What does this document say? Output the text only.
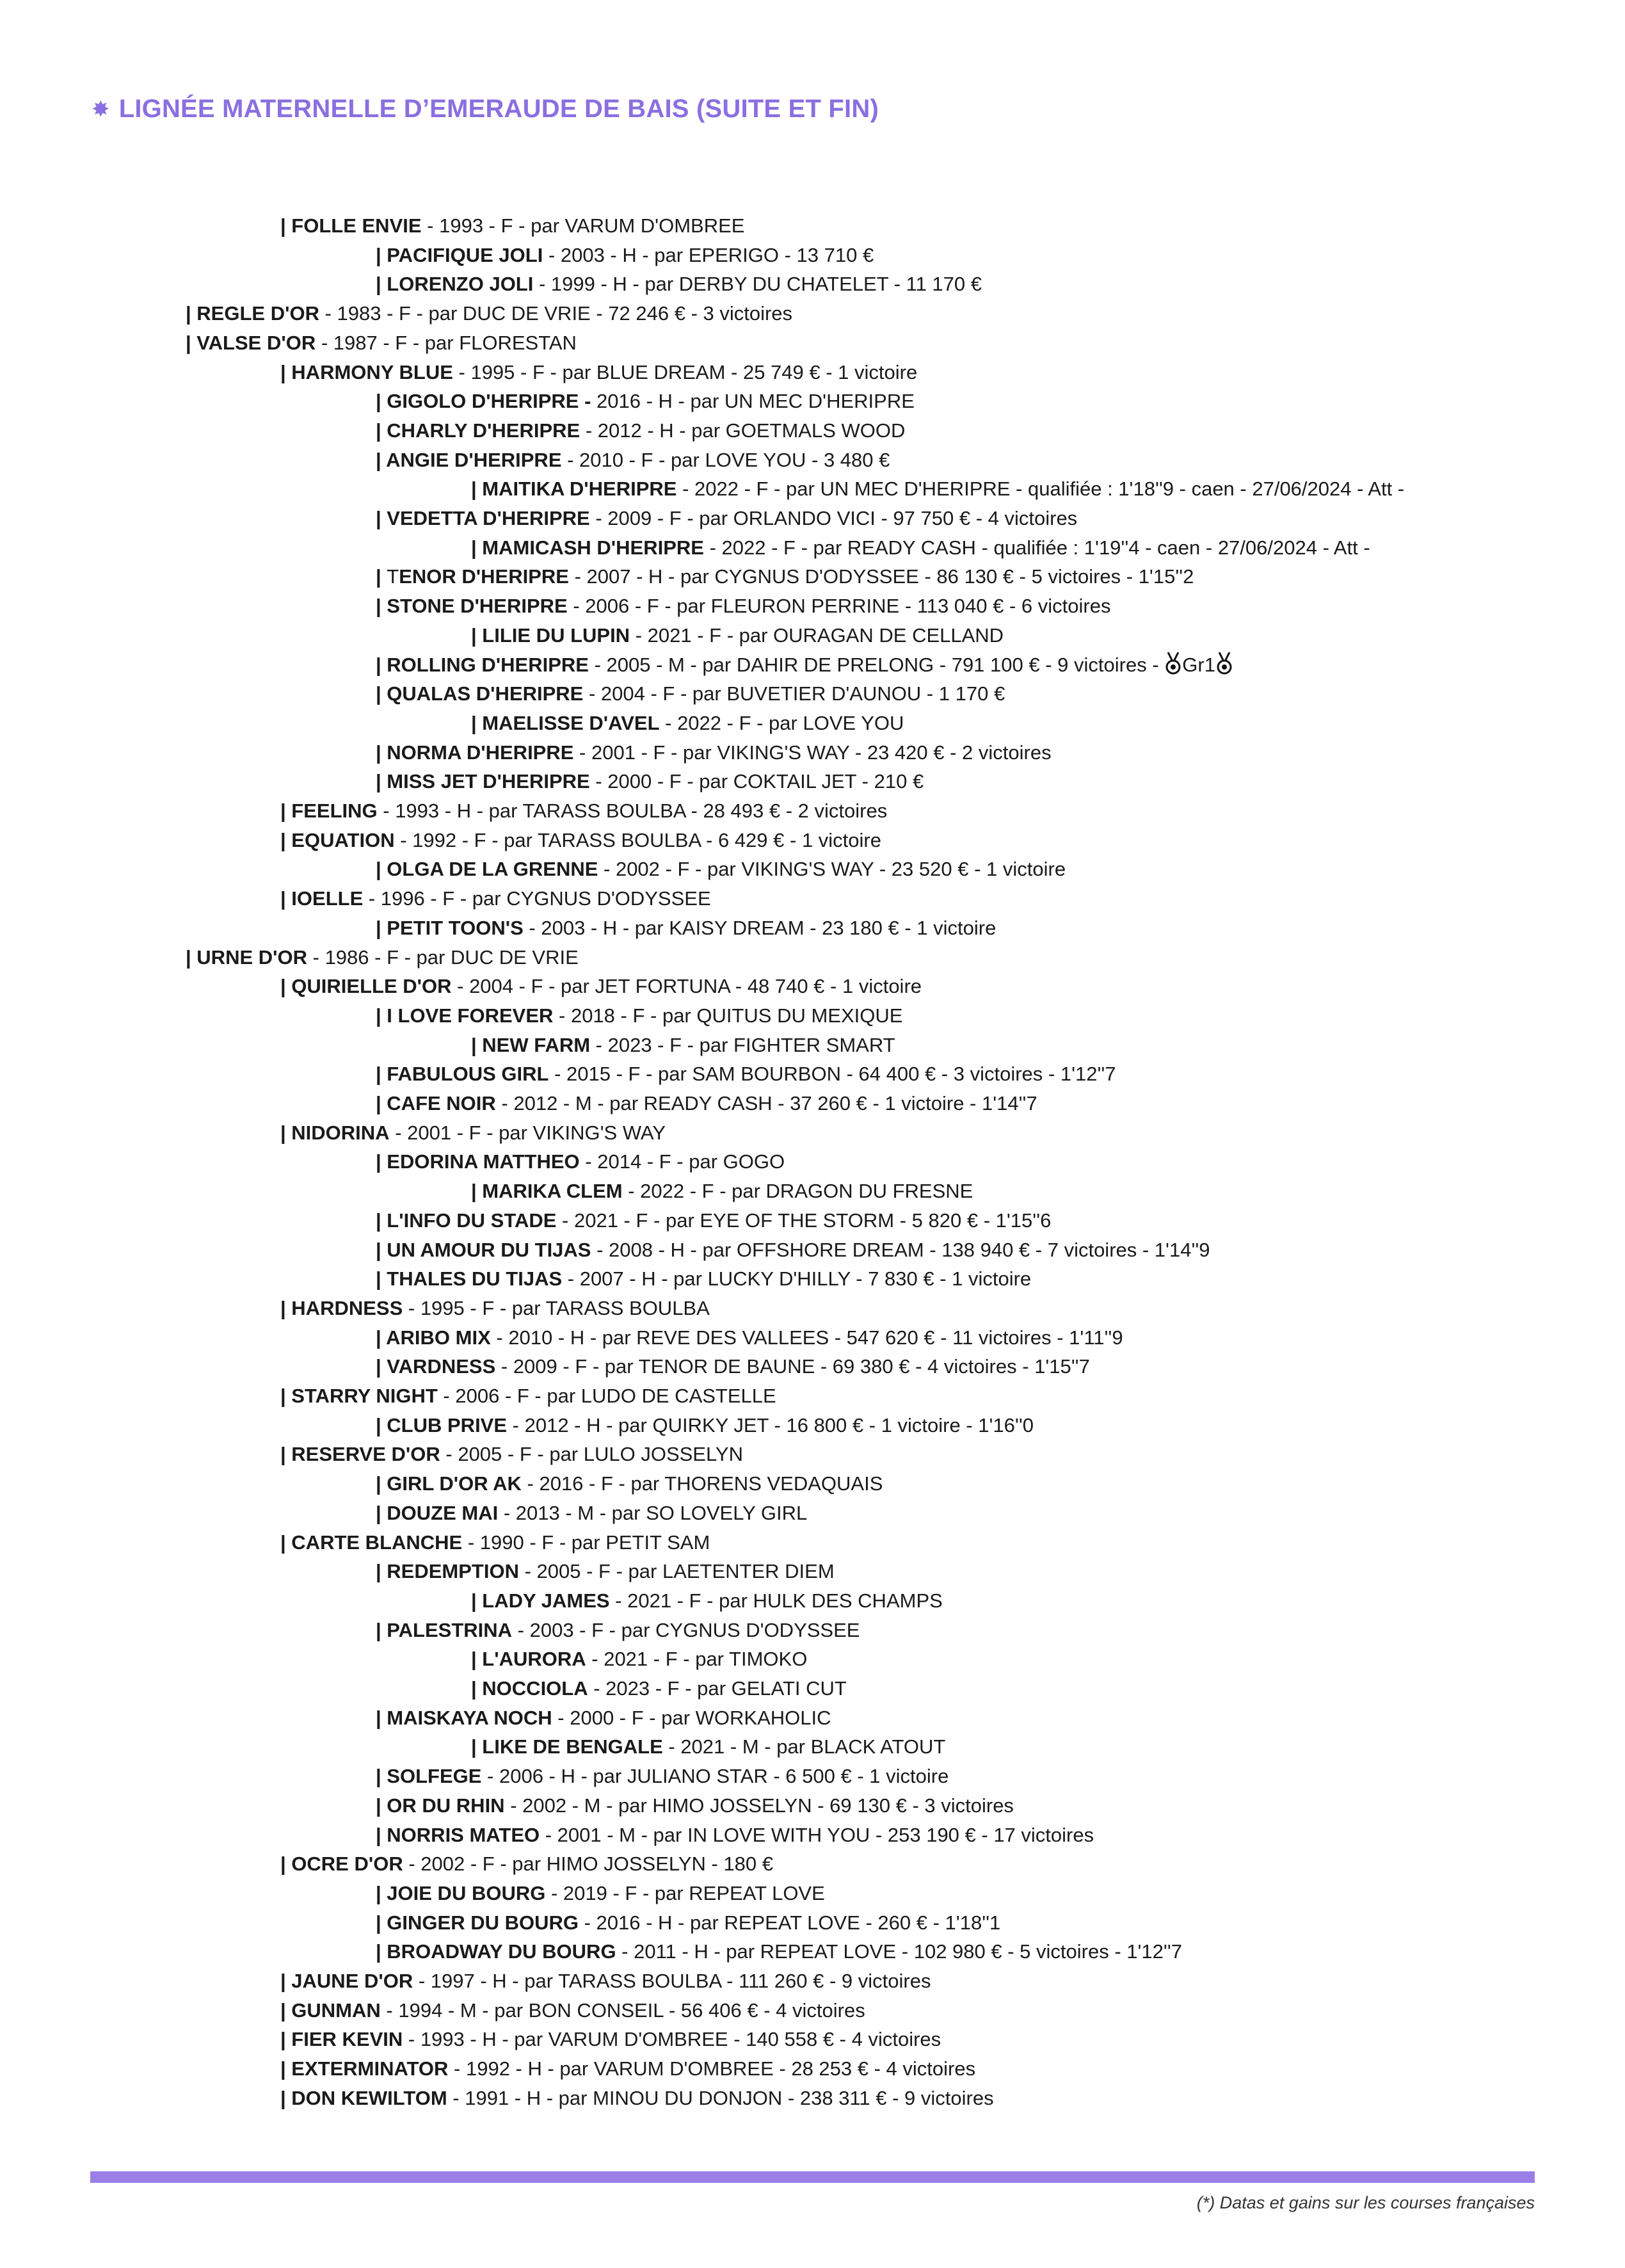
✸ LIGNÉE MATERNELLE D’EMERAUDE DE BAIS (SUITE ET FIN)
| FOLLE ENVIE - 1993 - F - par VARUM D'OMBREE
| PACIFIQUE JOLI - 2003 - H - par EPERIGO - 13 710 €
| LORENZO JOLI - 1999 - H - par DERBY DU CHATELET - 11 170 €
| REGLE D'OR - 1983 - F - par DUC DE VRIE - 72 246 € - 3 victoires
| VALSE D'OR - 1987 - F - par FLORESTAN
| HARMONY BLUE - 1995 - F - par BLUE DREAM - 25 749 € - 1 victoire
| GIGOLO D'HERIPRE - 2016 - H - par UN MEC D'HERIPRE
| CHARLY D'HERIPRE - 2012 - H - par GOETMALS WOOD
| ANGIE D'HERIPRE - 2010 - F - par LOVE YOU - 3 480 €
| MAITIKA D'HERIPRE - 2022 - F - par UN MEC D'HERIPRE - qualifiée : 1'18''9 - caen - 27/06/2024 - Att -
| VEDETTA D'HERIPRE - 2009 - F - par ORLANDO VICI - 97 750 € - 4 victoires
| MAMICASH D'HERIPRE - 2022 - F - par READY CASH - qualifiée : 1'19''4 - caen - 27/06/2024 - Att -
| TENOR D'HERIPRE - 2007 - H - par CYGNUS D'ODYSSEE - 86 130 € - 5 victoires - 1'15''2
| STONE D'HERIPRE - 2006 - F - par FLEURON PERRINE - 113 040 € - 6 victoires
| LILIE DU LUPIN - 2021 - F - par OURAGAN DE CELLAND
| ROLLING D'HERIPRE - 2005 - M - par DAHIR DE PRELONG - 791 100 € - 9 victoires - Gr1
| QUALAS D'HERIPRE - 2004 - F - par BUVETIER D'AUNOU - 1 170 €
| MAELISSE D'AVEL - 2022 - F - par LOVE YOU
| NORMA D'HERIPRE - 2001 - F - par VIKING'S WAY - 23 420 € - 2 victoires
| MISS JET D'HERIPRE - 2000 - F - par COKTAIL JET - 210 €
| FEELING - 1993 - H - par TARASS BOULBA - 28 493 € - 2 victoires
| EQUATION - 1992 - F - par TARASS BOULBA - 6 429 € - 1 victoire
| OLGA DE LA GRENNE - 2002 - F - par VIKING'S WAY - 23 520 € - 1 victoire
| IOELLE - 1996 - F - par CYGNUS D'ODYSSEE
| PETIT TOON'S - 2003 - H - par KAISY DREAM - 23 180 € - 1 victoire
| URNE D'OR - 1986 - F - par DUC DE VRIE
| QUIRIELLE D'OR - 2004 - F - par JET FORTUNA - 48 740 € - 1 victoire
| I LOVE FOREVER - 2018 - F - par QUITUS DU MEXIQUE
| NEW FARM - 2023 - F - par FIGHTER SMART
| FABULOUS GIRL - 2015 - F - par SAM BOURBON - 64 400 € - 3 victoires - 1'12''7
| CAFE NOIR - 2012 - M - par READY CASH - 37 260 € - 1 victoire - 1'14''7
| NIDORINA - 2001 - F - par VIKING'S WAY
| EDORINA MATTHEO - 2014 - F - par GOGO
| MARIKA CLEM - 2022 - F - par DRAGON DU FRESNE
| L'INFO DU STADE - 2021 - F - par EYE OF THE STORM - 5 820 € - 1'15''6
| UN AMOUR DU TIJAS - 2008 - H - par OFFSHORE DREAM - 138 940 € - 7 victoires - 1'14''9
| THALES DU TIJAS - 2007 - H - par LUCKY D'HILLY - 7 830 € - 1 victoire
| HARDNESS - 1995 - F - par TARASS BOULBA
| ARIBO MIX - 2010 - H - par REVE DES VALLEES - 547 620 € - 11 victoires - 1'11''9
| VARDNESS - 2009 - F - par TENOR DE BAUNE - 69 380 € - 4 victoires - 1'15''7
| STARRY NIGHT - 2006 - F - par LUDO DE CASTELLE
| CLUB PRIVE - 2012 - H - par QUIRKY JET - 16 800 € - 1 victoire - 1'16''0
| RESERVE D'OR - 2005 - F - par LULO JOSSELYN
| GIRL D'OR AK - 2016 - F - par THORENS VEDAQUAIS
| DOUZE MAI - 2013 - M - par SO LOVELY GIRL
| CARTE BLANCHE - 1990 - F - par PETIT SAM
| REDEMPTION - 2005 - F - par LAETENTER DIEM
| LADY JAMES - 2021 - F - par HULK DES CHAMPS
| PALESTRINA - 2003 - F - par CYGNUS D'ODYSSEE
| L'AURORA - 2021 - F - par TIMOKO
| NOCCIOLA - 2023 - F - par GELATI CUT
| MAISKAYA NOCH - 2000 - F - par WORKAHOLIC
| LIKE DE BENGALE - 2021 - M - par BLACK ATOUT
| SOLFEGE - 2006 - H - par JULIANO STAR - 6 500 € - 1 victoire
| OR DU RHIN - 2002 - M - par HIMO JOSSELYN - 69 130 € - 3 victoires
| NORRIS MATEO - 2001 - M - par IN LOVE WITH YOU - 253 190 € - 17 victoires
| OCRE D'OR - 2002 - F - par HIMO JOSSELYN - 180 €
| JOIE DU BOURG - 2019 - F - par REPEAT LOVE
| GINGER DU BOURG - 2016 - H - par REPEAT LOVE - 260 € - 1'18''1
| BROADWAY DU BOURG - 2011 - H - par REPEAT LOVE - 102 980 € - 5 victoires - 1'12''7
| JAUNE D'OR - 1997 - H - par TARASS BOULBA - 111 260 € - 9 victoires
| GUNMAN - 1994 - M - par BON CONSEIL - 56 406 € - 4 victoires
| FIER KEVIN - 1993 - H - par VARUM D'OMBREE - 140 558 € - 4 victoires
| EXTERMINATOR - 1992 - H - par VARUM D'OMBREE - 28 253 € - 4 victoires
| DON KEWILTOM - 1991 - H - par MINOU DU DONJON - 238 311 € - 9 victoires
(*) Datas et gains sur les courses françaises
